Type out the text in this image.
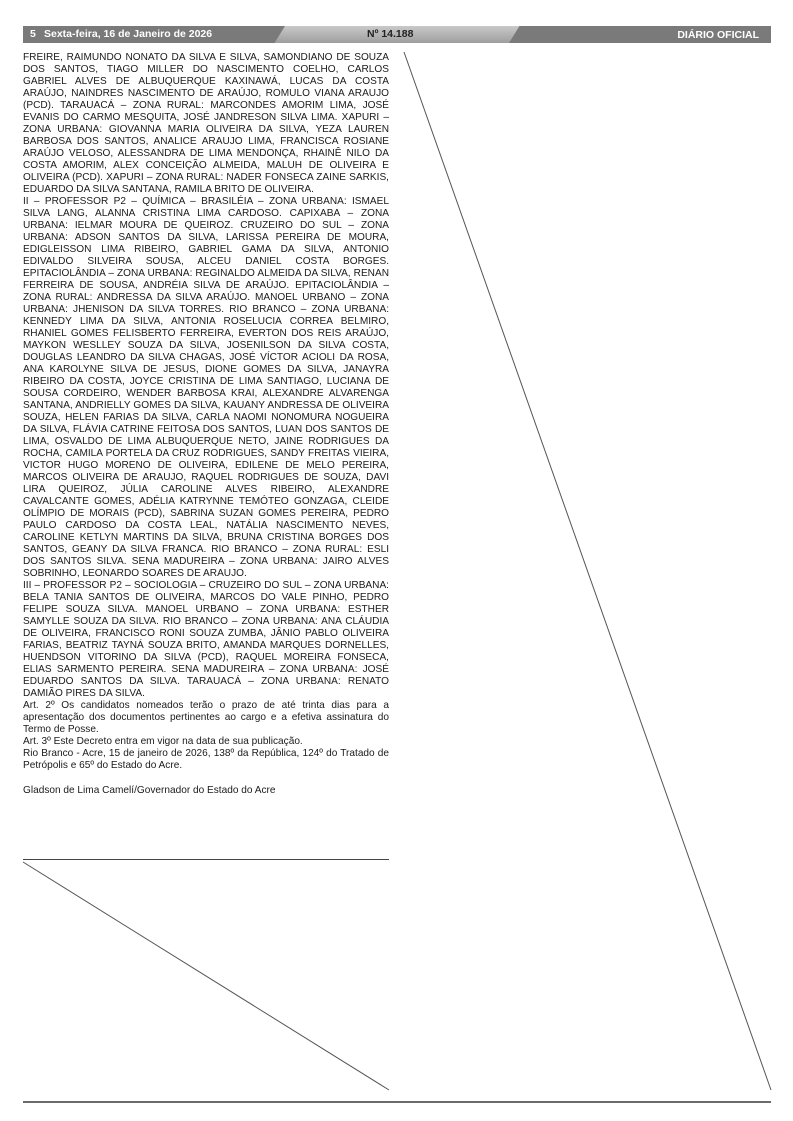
5 Sexta-feira, 16 de Janeiro de 2026	Nº 14.188	DIÁRIO OFICIAL

FREIRE, RAIMUNDO NONATO DA SILVA E SILVA, SAMONDIANO DE SOUZA DOS SANTOS, TIAGO MILLER DO NASCIMENTO COELHO, CARLOS GABRIEL ALVES DE ALBUQUERQUE KAXINAWÁ, LUCAS DA COSTA ARAÚJO, NAINDRES NASCIMENTO DE ARAÚJO, ROMULO VIANA ARAUJO (PCD). TARAUACÁ – ZONA RURAL: MARCONDES AMORIM LIMA, JOSÉ EVANIS DO CARMO MESQUITA, JOSÉ JANDRESON SILVA LIMA. XAPURI – ZONA URBANA: GIOVANNA MARIA OLIVEIRA DA SILVA, YEZA LAUREN BARBOSA DOS SANTOS, ANALICE ARAUJO LIMA, FRANCISCA ROSIANE ARAÚJO VELOSO, ALESSANDRA DE LIMA MENDONÇA, RHAINÊ NILO DA COSTA AMORIM, ALEX CONCEIÇÃO ALMEIDA, MALUH DE OLIVEIRA E OLIVEIRA (PCD). XAPURI – ZONA RURAL: NADER FONSECA ZAINE SARKIS, EDUARDO DA SILVA SANTANA, RAMILA BRITO DE OLIVEIRA.

II – PROFESSOR P2 – QUÍMICA – BRASILÉIA – ZONA URBANA: ISMAEL SILVA LANG, ALANNA CRISTINA LIMA CARDOSO. CAPIXABA – ZONA URBANA: IELMAR MOURA DE QUEIROZ. CRUZEIRO DO SUL – ZONA URBANA: ADSON SANTOS DA SILVA, LARISSA PEREIRA DE MOURA, EDIGLEISSON LIMA RIBEIRO, GABRIEL GAMA DA SILVA, ANTONIO EDIVALDO SILVEIRA SOUSA, ALCEU DANIEL COSTA BORGES. EPITACIOLÂNDIA – ZONA URBANA: REGINALDO ALMEIDA DA SILVA, RENAN FERREIRA DE SOUSA, ANDRÉIA SILVA DE ARAÚJO. EPITACIOLÂNDIA – ZONA RURAL: ANDRESSA DA SILVA ARAÚJO. MANOEL URBANO – ZONA URBANA: JHENISON DA SILVA TORRES. RIO BRANCO – ZONA URBANA: KENNEDY LIMA DA SILVA, ANTONIA ROSELUCIA CORREA BELMIRO, RHANIEL GOMES FELISBERTO FERREIRA, EVERTON DOS REIS ARAÚJO, MAYKON WESLLEY SOUZA DA SILVA, JOSENILSON DA SILVA COSTA, DOUGLAS LEANDRO DA SILVA CHAGAS, JOSÉ VÍCTOR ACIOLI DA ROSA, ANA KAROLYNE SILVA DE JESUS, DIONE GOMES DA SILVA, JANAYRA RIBEIRO DA COSTA, JOYCE CRISTINA DE LIMA SANTIAGO, LUCIANA DE SOUSA CORDEIRO, WENDER BARBOSA KRAI, ALEXANDRE ALVARENGA SANTANA, ANDRIELLY GOMES DA SILVA, KAUANY ANDRESSA DE OLIVEIRA SOUZA, HELEN FARIAS DA SILVA, CARLA NAOMI NONOMURA NOGUEIRA DA SILVA, FLÁVIA CATRINE FEITOSA DOS SANTOS, LUAN DOS SANTOS DE LIMA, OSVALDO DE LIMA ALBUQUERQUE NETO, JAINE RODRIGUES DA ROCHA, CAMILA PORTELA DA CRUZ RODRIGUES, SANDY FREITAS VIEIRA, VICTOR HUGO MORENO DE OLIVEIRA, EDILENE DE MELO PEREIRA, MARCOS OLIVEIRA DE ARAUJO, RAQUEL RODRIGUES DE SOUZA, DAVI LIRA QUEIROZ, JÚLIA CAROLINE ALVES RIBEIRO, ALEXANDRE CAVALCANTE GOMES, ADÉLIA KATRYNNE TEMÓTEO GONZAGA, CLEIDE OLÍMPIO DE MORAIS (PCD), SABRINA SUZAN GOMES PEREIRA, PEDRO PAULO CARDOSO DA COSTA LEAL, NATÁLIA NASCIMENTO NEVES, CAROLINE KETLYN MARTINS DA SILVA, BRUNA CRISTINA BORGES DOS SANTOS, GEANY DA SILVA FRANCA. RIO BRANCO – ZONA RURAL: ESLI DOS SANTOS SILVA. SENA MADUREIRA – ZONA URBANA: JAIRO ALVES SOBRINHO, LEONARDO SOARES DE ARAUJO.

III – PROFESSOR P2 – SOCIOLOGIA – CRUZEIRO DO SUL – ZONA URBANA: BELA TANIA SANTOS DE OLIVEIRA, MARCOS DO VALE PINHO, PEDRO FELIPE SOUZA SILVA. MANOEL URBANO – ZONA URBANA: ESTHER SAMYLLE SOUZA DA SILVA. RIO BRANCO – ZONA URBANA: ANA CLÁUDIA DE OLIVEIRA, FRANCISCO RONI SOUZA ZUMBA, JÂNIO PABLO OLIVEIRA FARIAS, BEATRIZ TAYNÁ SOUZA BRITO, AMANDA MARQUES DORNELLES, HUENDSON VITORINO DA SILVA (PCD), RAQUEL MOREIRA FONSECA, ELIAS SARMENTO PEREIRA. SENA MADUREIRA – ZONA URBANA: JOSÉ EDUARDO SANTOS DA SILVA. TARAUACÁ – ZONA URBANA: RENATO DAMIÃO PIRES DA SILVA.

Art. 2º Os candidatos nomeados terão o prazo de até trinta dias para a apresentação dos documentos pertinentes ao cargo e a efetiva assinatura do Termo de Posse.

Art. 3º Este Decreto entra em vigor na data de sua publicação.

Rio Branco - Acre, 15 de janeiro de 2026, 138º da República, 124º do Tratado de Petrópolis e 65º do Estado do Acre.

Gladson de Lima Camelí/Governador do Estado do Acre
